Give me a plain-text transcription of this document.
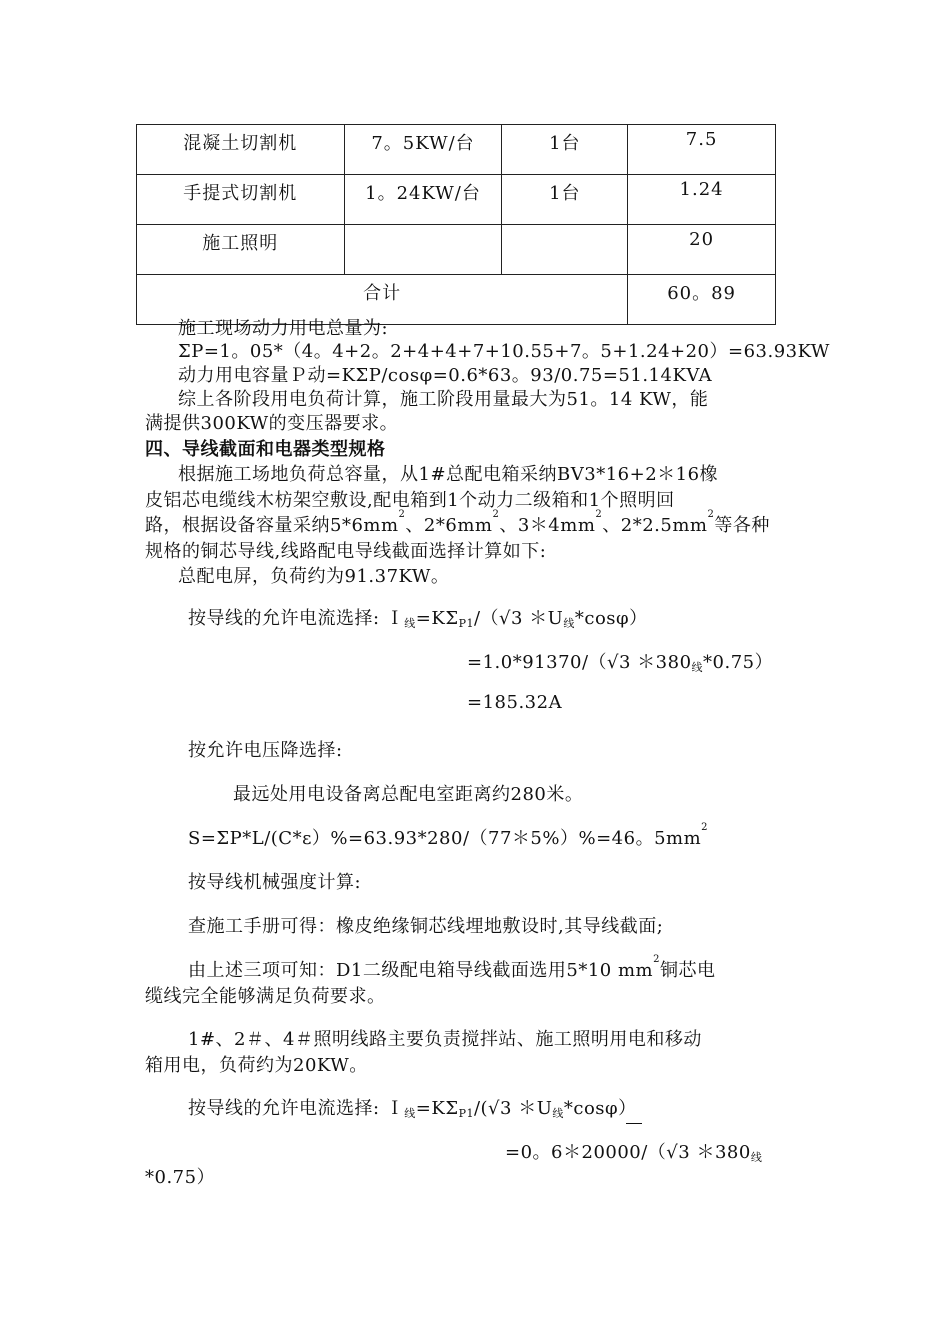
混凝土切割机	7。5KW/台	1台	7.5
手提式切割机	1。24KW/台	1台	1.24
施工照明			20
合计			60。89
施工现场动力用电总量为:
ΣP=1。05*（4。4+2。2+4+4+7+10.55+7。5+1.24+20）=63.93KW
动力用电容量Ｐ动=KΣP/cosφ=0.6*63。93/0.75=51.14KVA
综上各阶段用电负荷计算，施工阶段用量最大为51。14 KW，能
满提供300KW的变压器要求。
四、导线截面和电器类型规格
根据施工场地负荷总容量，从1#总配电箱采纳BV3*16+2＊16橡
皮铝芯电缆线木枋架空敷设,配电箱到1个动力二级箱和1个照明回
路，根据设备容量采纳$5*6mm^2$、$2*6mm^2$、$3*4mm^2$、$2*2.5mm^2$等各种
规格的铜芯导线,线路配电导线截面选择计算如下:
总配电屏，负荷约为91.37KW。
按导线的允许电流选择: $I_线=K\Sigma_{P1}/(√3$ $*U_线*\cos\varphi$）
=1.0*91370/（√3 $*380_线*0.75$）
=185.32A
按允许电压降选择:
最远处用电设备离总配电室距离约280米。
S=ΣP*L/(C*ε）%=63.93*280/（77＊5%）%=46。$5mm^2$
按导线机械强度计算:
查施工手册可得：橡皮绝缘铜芯线埋地敷设时,其导线截面;
由上述三项可知：D1二级配电箱导线截面选用5*10 $mm^2$铜芯电
缆线完全能够满足负荷要求。
1#、2＃、4＃照明线路主要负责搅拌站、施工照明用电和移动
箱用电，负荷约为20KW。
按导线的允许电流选择: $I_线=K\Sigma_{P1}/(√3$ $*U_线*\cos\varphi$）
=0。6＊20000/（√3 $*380_线$
*0.75）
